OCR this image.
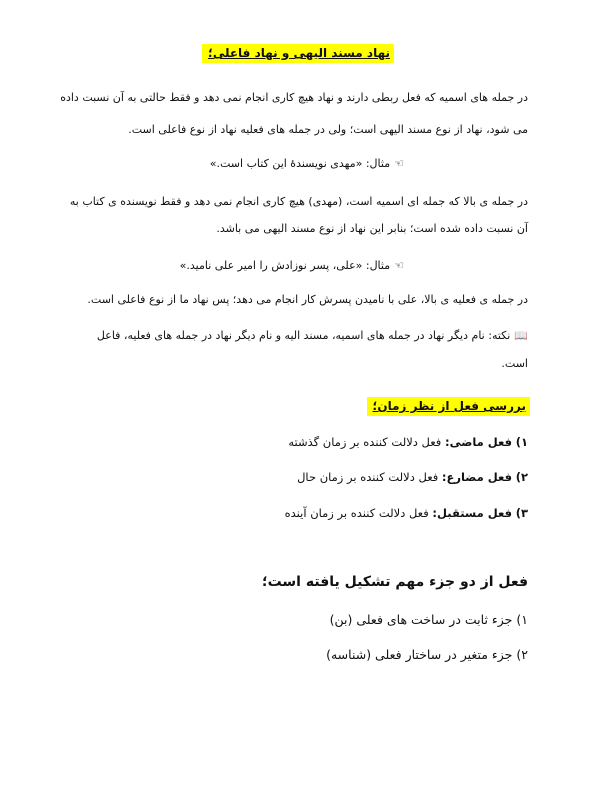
نهاد مسند الیهی و نهاد فاعلی؛
در جمله های اسمیه که فعل ربطی دارند و نهاد هیچ کاری انجام نمی دهد و فقط حالتی به آن نسبت داده
می شود، نهاد از نوع مسند الیهی است؛ ولی در جمله های فعلیه نهاد از نوع فاعلی است.
☜مثال: «مهدی نویسندهٔ این کتاب است.»
در جمله ی بالا که جمله ای اسمیه است، (مهدی) هیچ کاری انجام نمی دهد و فقط نویسنده ی کتاب به
آن نسبت داده شده است؛ بنابر این نهاد از نوع مسند الیهی می باشد.
☜مثال: «علی، پسر نوزادش را امیر علی نامید.»
در جمله ی فعلیه ی بالا، علی با نامیدن پسرش کار انجام می دهد؛ پس نهاد ما از نوع فاعلی است.
📖نکته: نام دیگر نهاد در جمله های اسمیه، مسند الیه و نام دیگر نهاد در جمله های فعلیه، فاعل
است.
بررسی فعل از نظر زمان؛
۱) فعل ماضی: فعل دلالت کننده بر زمان گذشته
۲) فعل مضارع: فعل دلالت کننده بر زمان حال
۳) فعل مستقبل: فعل دلالت کننده بر زمان آینده
فعل از دو جزء مهم تشکیل یافته است؛
۱) جزء ثابت در ساخت های فعلی (بن)
۲) جزء متغیر در ساختار فعلی (شناسه)
